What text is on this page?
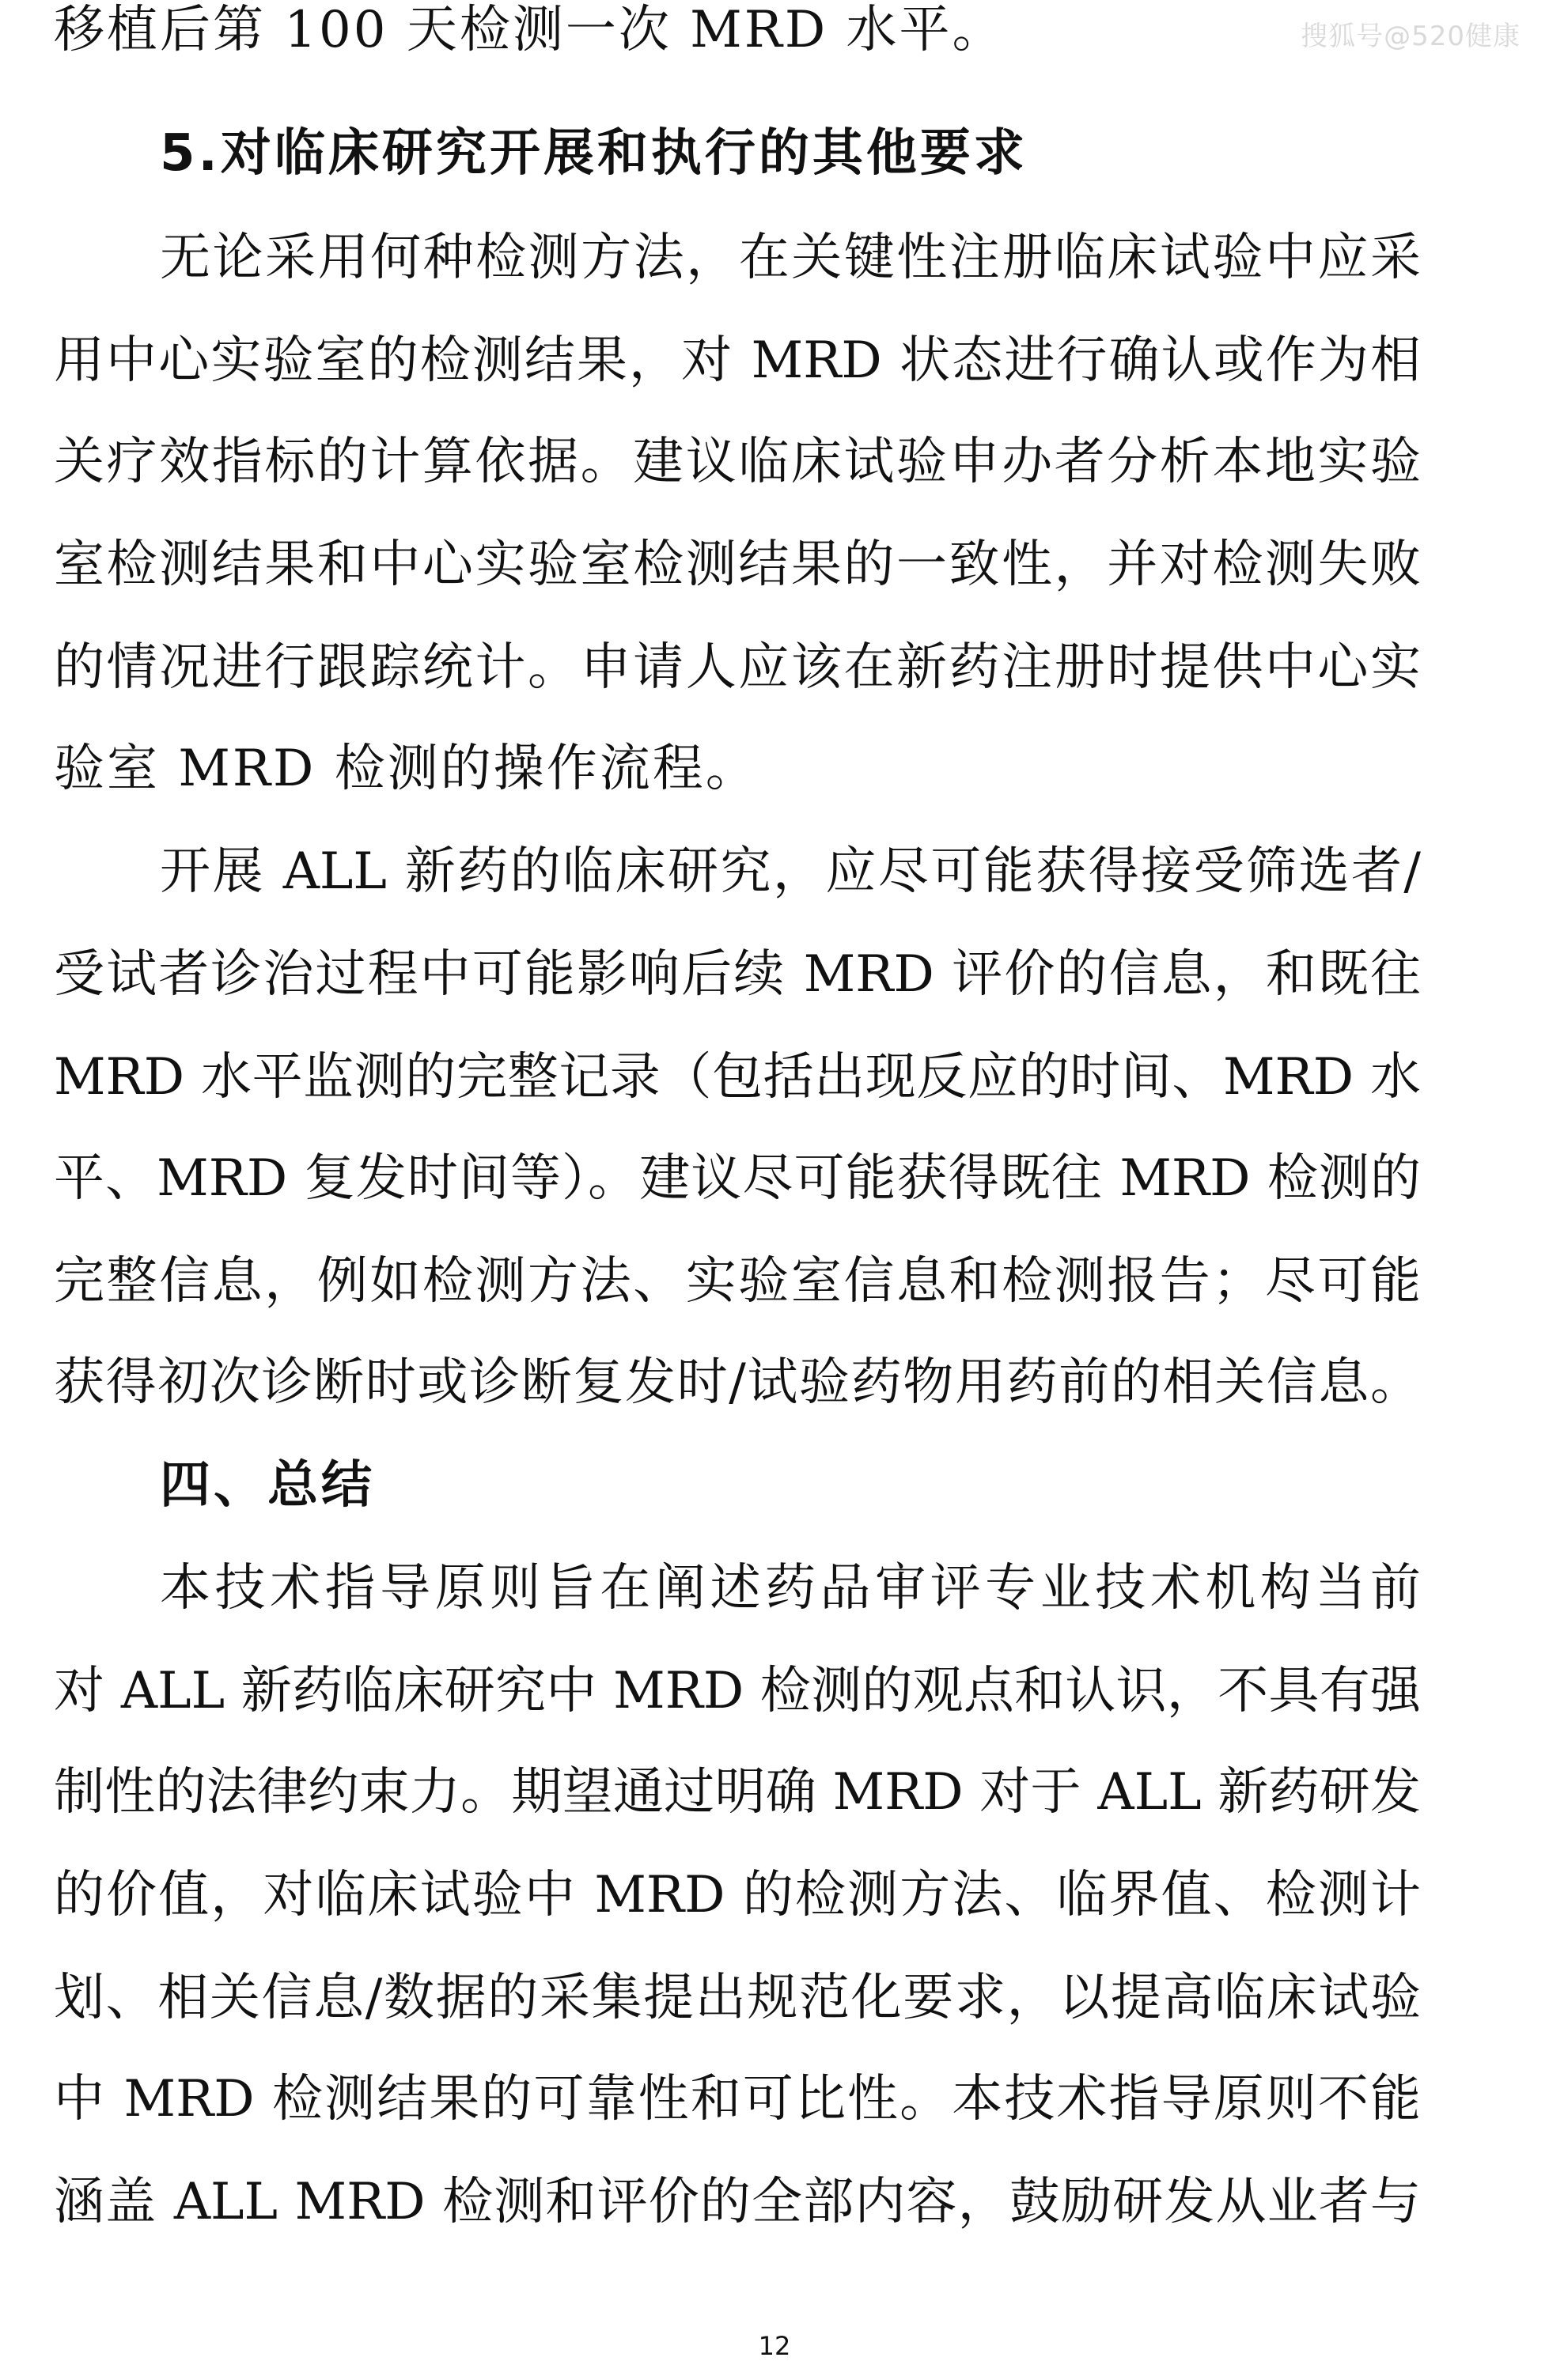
搜狐号@520健康
移植后第 100 天检测一次 MRD 水平。
5.对临床研究开展和执行的其他要求
无论采用何种检测方法，在关键性注册临床试验中应采
用中心实验室的检测结果，对 MRD 状态进行确认或作为相
关疗效指标的计算依据。建议临床试验申办者分析本地实验
室检测结果和中心实验室检测结果的一致性，并对检测失败
的情况进行跟踪统计。申请人应该在新药注册时提供中心实
验室 MRD 检测的操作流程。
开展 ALL 新药的临床研究，应尽可能获得接受筛选者/
受试者诊治过程中可能影响后续 MRD 评价的信息，和既往
MRD 水平监测的完整记录（包括出现反应的时间、MRD 水
平、MRD 复发时间等）。建议尽可能获得既往 MRD 检测的
完整信息，例如检测方法、实验室信息和检测报告；尽可能
获得初次诊断时或诊断复发时/试验药物用药前的相关信息。
四、总结
本技术指导原则旨在阐述药品审评专业技术机构当前
对 ALL 新药临床研究中 MRD 检测的观点和认识，不具有强
制性的法律约束力。期望通过明确 MRD 对于 ALL 新药研发
的价值，对临床试验中 MRD 的检测方法、临界值、检测计
划、相关信息/数据的采集提出规范化要求，以提高临床试验
中 MRD 检测结果的可靠性和可比性。本技术指导原则不能
涵盖 ALL MRD 检测和评价的全部内容，鼓励研发从业者与
12
